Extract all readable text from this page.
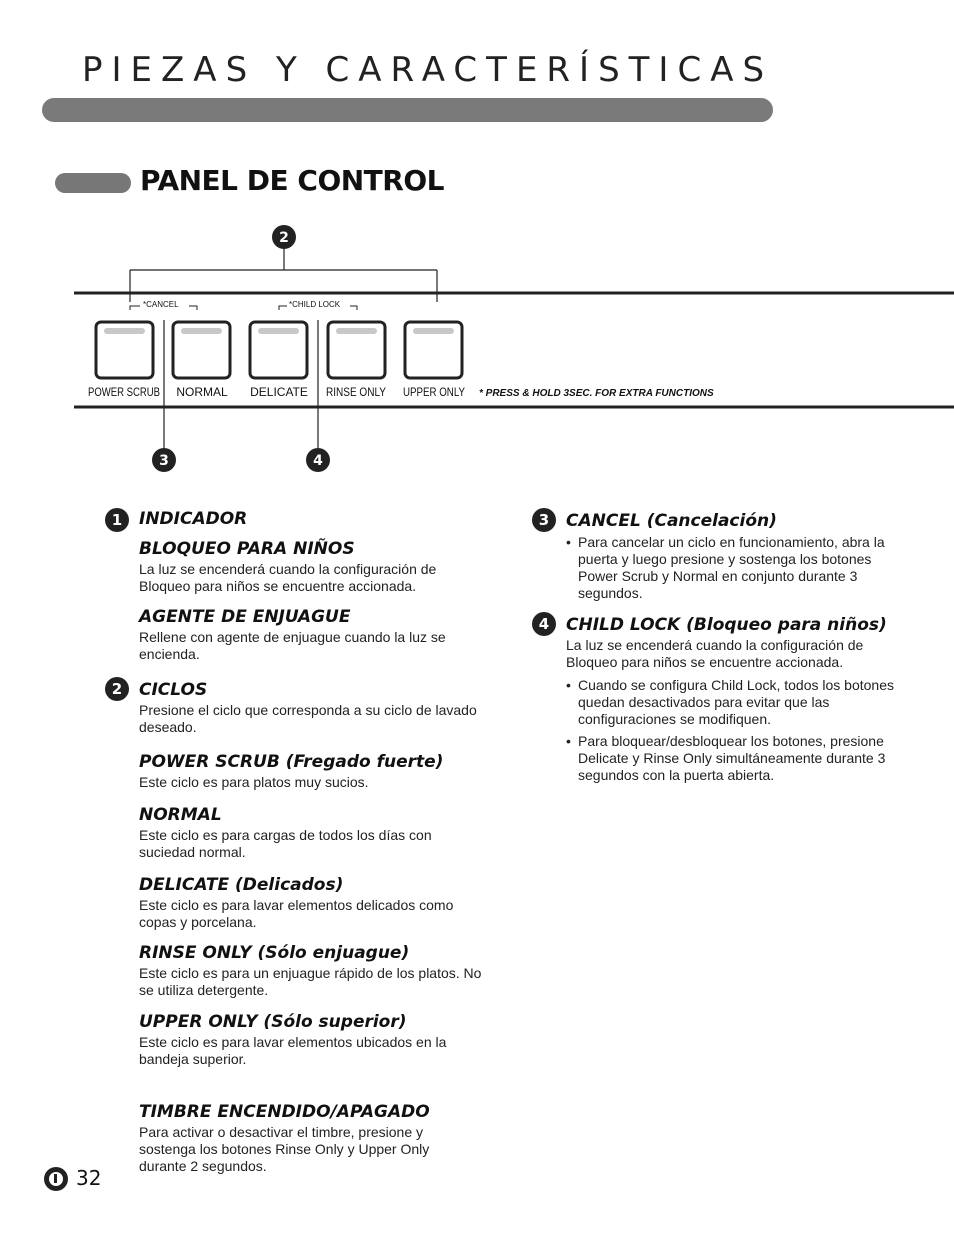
PIEZAS Y CARACTERÍSTICAS
PANEL DE CONTROL
2
*CANCEL	*CHILD LOCK
POWER SCRUB NORMAL DELICATE RINSE ONLY UPPER ONLY * PRESS & HOLD 3SEC. FOR EXTRA FUNCTIONS
3	4
1
2

INDICADOR

BLOQUEO PARA NIÑOS

La luz se encenderá cuando la configuración de Bloqueo para niños se encuentre accionada.

AGENTE DE ENJUAGUE

Rellene con agente de enjuague cuando la luz se encienda.

CICLOS

Presione el ciclo que corresponda a su ciclo de lavado deseado.

POWER SCRUB (Fregado fuerte)

Este ciclo es para platos muy sucios.

NORMAL

Este ciclo es para cargas de todos los días con suciedad normal.

DELICATE (Delicados)

Este ciclo es para lavar elementos delicados como copas y porcelana.

RINSE ONLY (Sólo enjuague)

Este ciclo es para un enjuague rápido de los platos. No se utiliza detergente.

UPPER ONLY (Sólo superior)

Este ciclo es para lavar elementos ubicados en la bandeja superior.

TIMBRE ENCENDIDO/APAGADO

Para activar o desactivar el timbre, presione y sostenga los botones Rinse Only y Upper Only durante 2 segundos.

3
4

CANCEL (Cancelación)

• Para cancelar un ciclo en funcionamiento, abra la puerta y luego presione y sostenga los botones Power Scrub y Normal en conjunto durante 3 segundos.

CHILD LOCK (Bloqueo para niños)

La luz se encenderá cuando la configuración de Bloqueo para niños se encuentre accionada.

• Cuando se configura Child Lock, todos los botones quedan desactivados para evitar que las configuraciones se modifiquen.
• Para bloquear/desbloquear los botones, presione Delicate y Rinse Only simultáneamente durante 3 segundos con la puerta abierta.
32
